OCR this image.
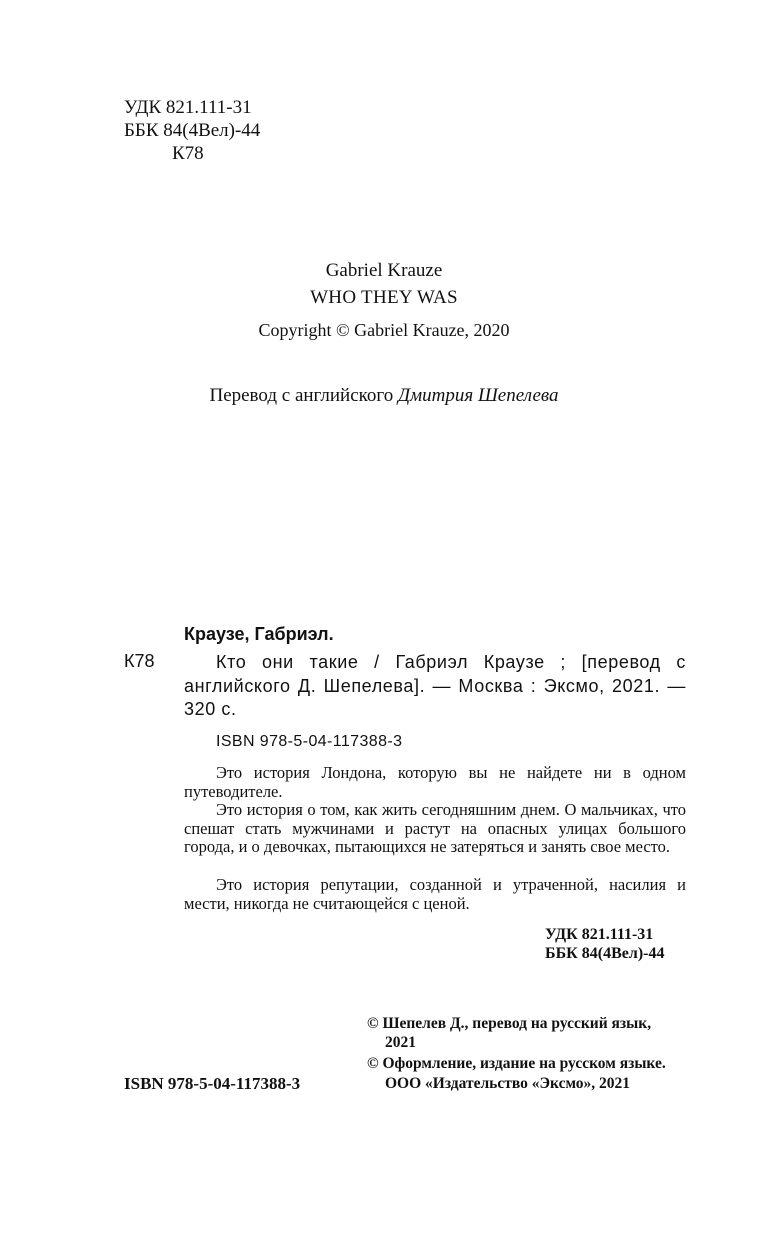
УДК 821.111-31
ББК 84(4Вел)-44
К78
Gabriel Krauze
WHO THEY WAS
Copyright © Gabriel Krauze, 2020
Перевод с английского Дмитрия Шепелева
Краузе, Габриэл.
К78	Кто они такие / Габриэл Краузе ; [перевод с английского Д. Шепелева]. — Москва : Эксмо, 2021. — 320 с.

ISBN 978-5-04-117388-3

Это история Лондона, которую вы не найдете ни в одном путеводителе.

Это история о том, как жить сегодняшним днем. О мальчиках, что спешат стать мужчинами и растут на опасных улицах большого города, и о девочках, пытающихся не затеряться и занять свое место.

Это история репутации, созданной и утраченной, насилия и мести, никогда не считающейся с ценой.

УДК 821.111-31
ББК 84(4Вел)-44
© Шепелев Д., перевод на русский язык,
2021
© Оформление, издание на русском языке.
ООО «Издательство «Эксмо», 2021
ISBN 978-5-04-117388-3
